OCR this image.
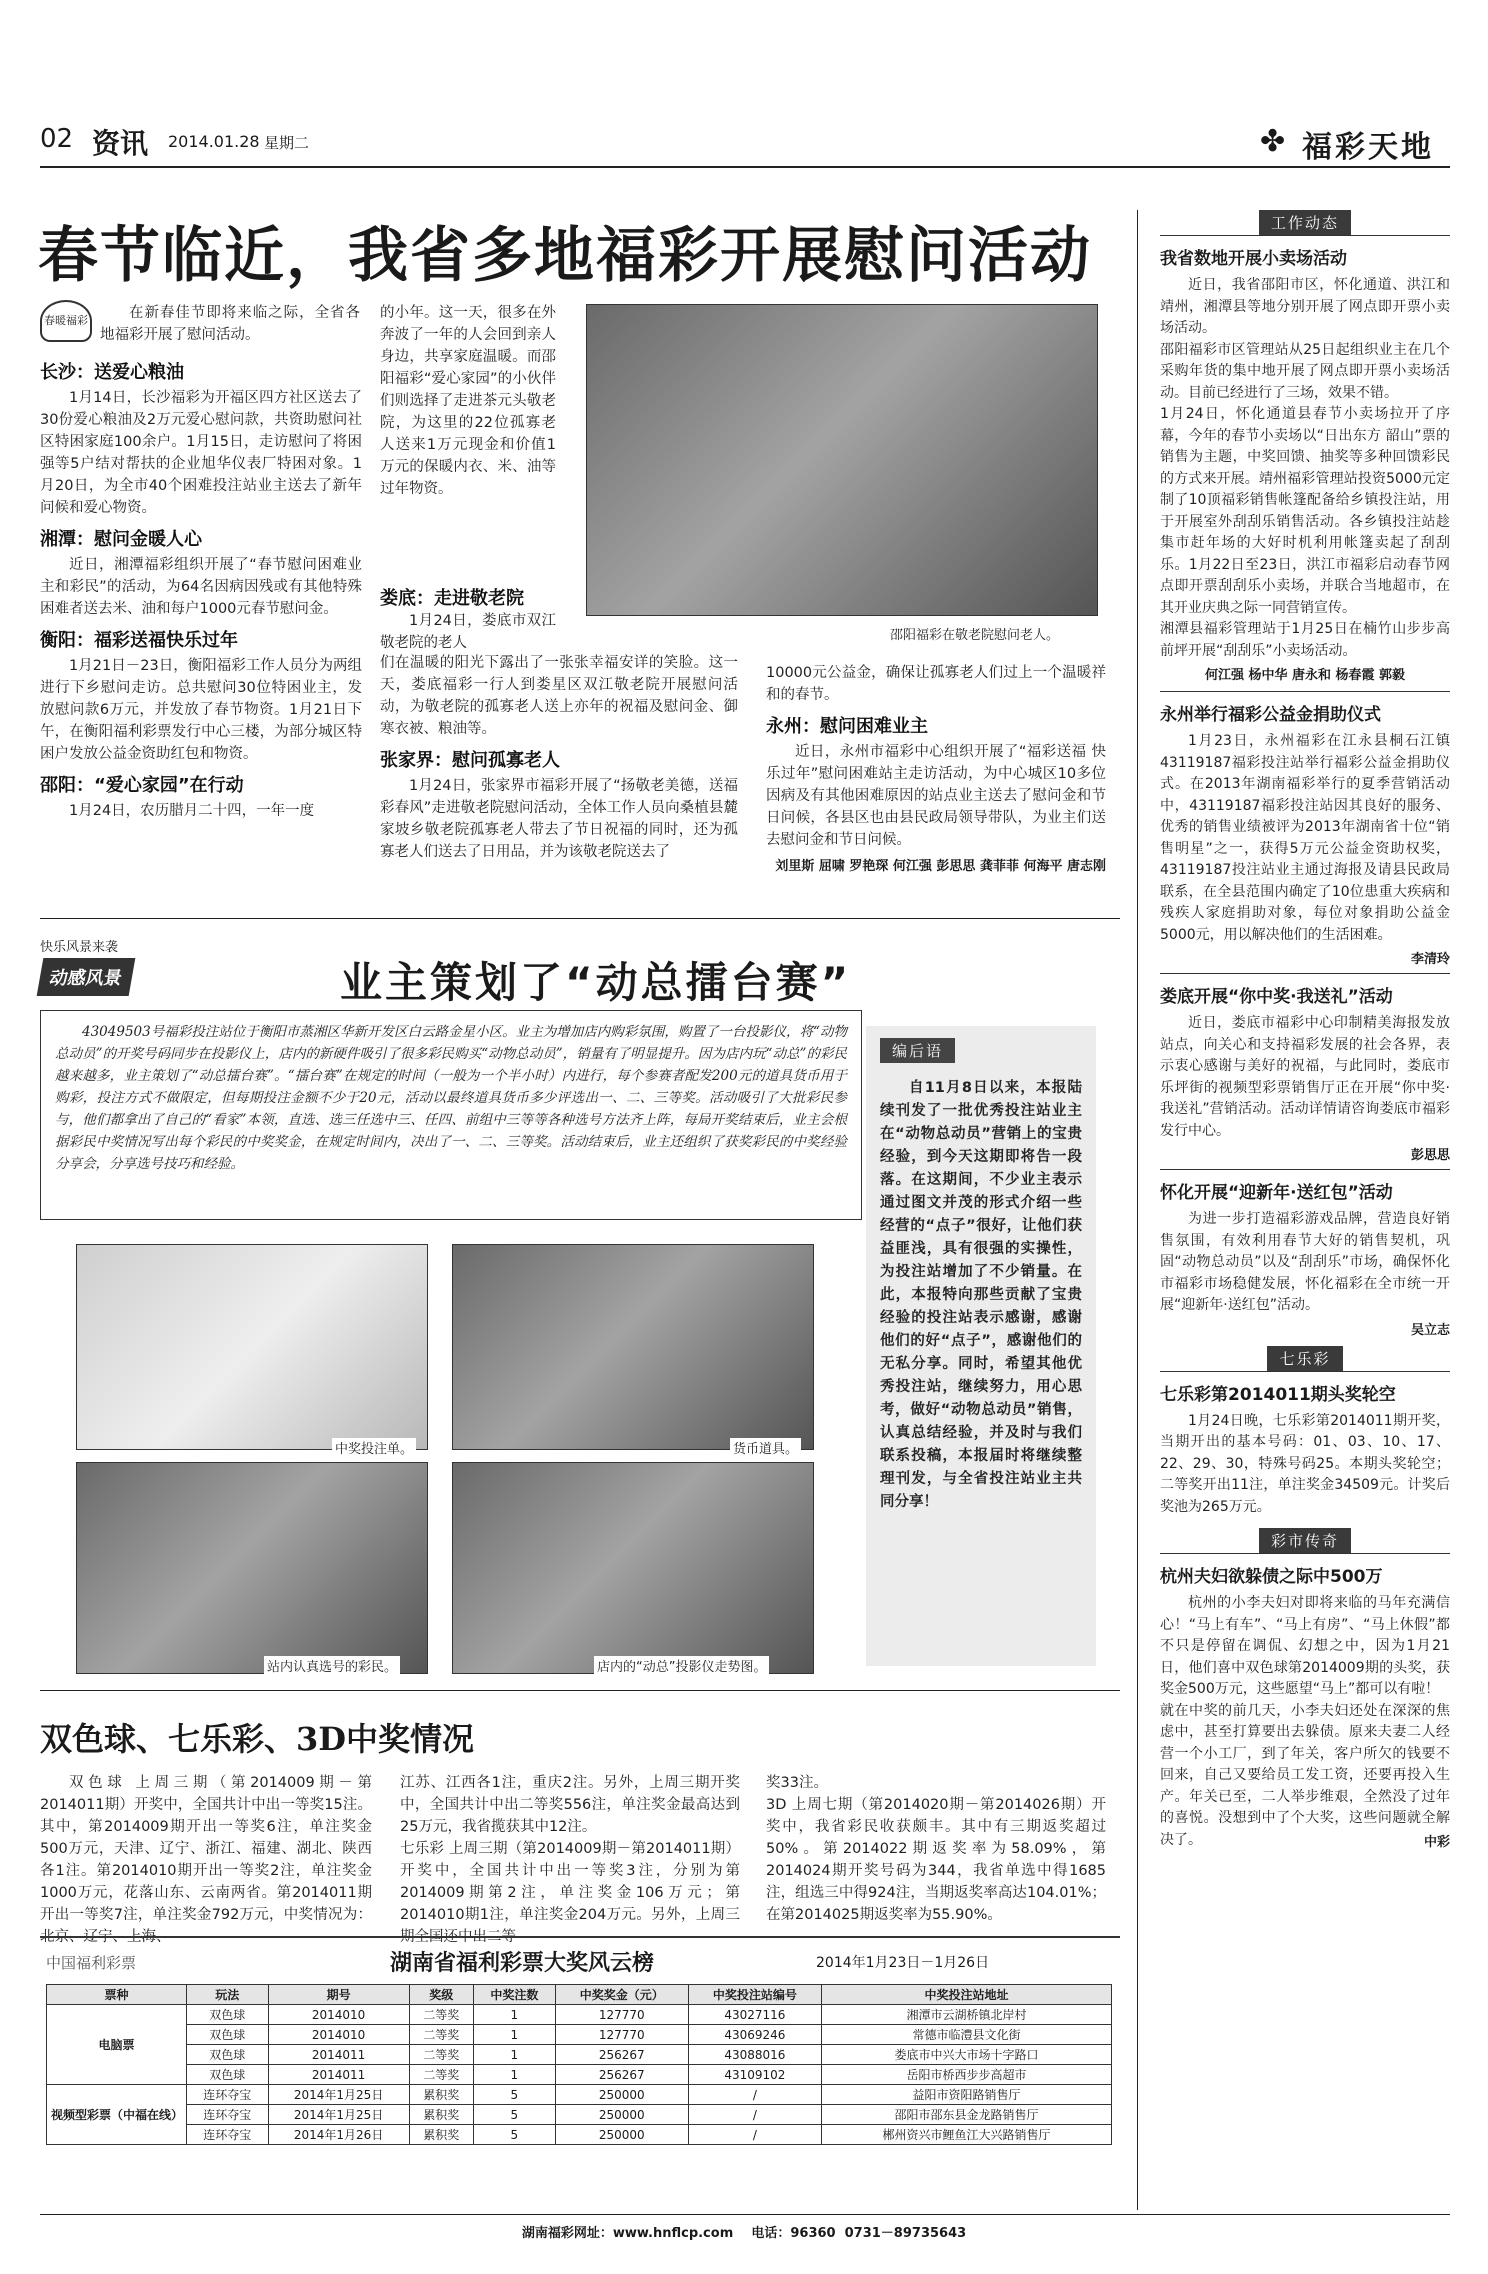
02 资讯 2014.01.28 星期二	✤ 福彩天地
春节临近，我省多地福彩开展慰问活动
春暖福彩	在新春佳节即将来临之际，全省各地福彩开展了慰问活动。
长沙：送爱心粮油
1月14日，长沙福彩为开福区四方社区送去了30份爱心粮油及2万元爱心慰问款，共资助慰问社区特困家庭100余户。1月15日，走访慰问了将困强等5户结对帮扶的企业旭华仪表厂特困对象。1月20日，为全市40个困难投注站业主送去了新年问候和爱心物资。
湘潭：慰问金暖人心
近日，湘潭福彩组织开展了“春节慰问困难业主和彩民”的活动，为64名因病因残或有其他特殊困难者送去米、油和每户1000元春节慰问金。
衡阳：福彩送福快乐过年
1月21日－23日，衡阳福彩工作人员分为两组进行下乡慰问走访。总共慰问30位特困业主，发放慰问款6万元，并发放了春节物资。1月21日下午，在衡阳福利彩票发行中心三楼，为部分城区特困户发放公益金资助红包和物资。
邵阳：“爱心家园”在行动
1月24日，农历腊月二十四，一年一度
的小年。这一天，很多在外奔波了一年的人会回到亲人身边，共享家庭温暖。而邵阳福彩“爱心家园”的小伙伴们则选择了走进茶元头敬老院，为这里的22位孤寡老人送来1万元现金和价值1万元的保暖内衣、米、油等过年物资。
娄底：走进敬老院
1月24日，娄底市双江敬老院的老人	邵阳福彩在敬老院慰问老人。
们在温暖的阳光下露出了一张张幸福安详的笑脸。这一天，娄底福彩一行人到娄星区双江敬老院开展慰问活动，为敬老院的孤寡老人送上亦年的祝福及慰问金、御寒衣被、粮油等。
张家界：慰问孤寡老人
1月24日，张家界市福彩开展了“扬敬老美德，送福彩春风”走进敬老院慰问活动，全体工作人员向桑植县麓家坡乡敬老院孤寡老人带去了节日祝福的同时，还为孤寡老人们送去了日用品，并为该敬老院送去了
10000元公益金，确保让孤寡老人们过上一个温暖祥和的春节。
永州：慰问困难业主
近日，永州市福彩中心组织开展了“福彩送福 快乐过年”慰问困难站主走访活动，为中心城区10多位因病及有其他困难原因的站点业主送去了慰问金和节日问候，各县区也由县民政局领导带队，为业主们送去慰问金和节日问候。
刘里斯 屈啸 罗艳琛 何江强 彭思思 龚菲菲 何海平 唐志刚
快乐风景来袭
动感风景	业主策划了“动总擂台赛”
43049503号福彩投注站位于衡阳市蒸湘区华新开发区白云路金星小区。业主为增加店内购彩氛围，购置了一台投影仪，将“动物总动员”的开奖号码同步在投影仪上，店内的新硬件吸引了很多彩民购买“动物总动员”，销量有了明显提升。因为店内玩“动总”的彩民越来越多，业主策划了“动总擂台赛”。“擂台赛”在规定的时间（一般为一个半小时）内进行，每个参赛者配发200元的道具货币用于购彩，投注方式不做限定，但每期投注金额不少于20元，活动以最终道具货币多少评选出一、二、三等奖。活动吸引了大批彩民参与，他们都拿出了自己的“看家”本领，直选、选三任选中三、任四、前组中三等等各种选号方法齐上阵，每局开奖结束后，业主会根据彩民中奖情况写出每个彩民的中奖奖金，在规定时间内，决出了一、二、三等奖。活动结束后，业主还组织了获奖彩民的中奖经验分享会，分享选号技巧和经验。
中奖投注单。	货币道具。
站内认真选号的彩民。	店内的“动总”投影仪走势图。
编后语
自11月8日以来，本报陆续刊发了一批优秀投注站业主在“动物总动员”营销上的宝贵经验，到今天这期即将告一段落。在这期间，不少业主表示通过图文并茂的形式介绍一些经营的“点子”很好，让他们获益匪浅，具有很强的实操性，为投注站增加了不少销量。在此，本报特向那些贡献了宝贵经验的投注站表示感谢，感谢他们的好“点子”，感谢他们的无私分享。同时，希望其他优秀投注站，继续努力，用心思考，做好“动物总动员”销售，认真总结经验，并及时与我们联系投稿，本报届时将继续整理刊发，与全省投注站业主共同分享！
双色球、七乐彩、3D中奖情况
双色球 上周三期（第2014009期－第2014011期）开奖中，全国共计中出一等奖15注。其中，第2014009期开出一等奖6注，单注奖金500万元，天津、辽宁、浙江、福建、湖北、陕西各1注。第2014010期开出一等奖2注，单注奖金1000万元，花落山东、云南两省。第2014011期开出一等奖7注，单注奖金792万元，中奖情况为：北京、辽宁、上海、
江苏、江西各1注，重庆2注。另外，上周三期开奖中，全国共计中出二等奖556注，单注奖金最高达到25万元，我省揽获其中12注。
七乐彩 上周三期（第2014009期－第2014011期）开奖中，全国共计中出一等奖3注，分别为第2014009期第2注，单注奖金106万元；第2014010期1注，单注奖金204万元。另外，上周三期全国还中出二等
奖33注。
3D 上周七期（第2014020期－第2014026期）开奖中，我省彩民收获颇丰。其中有三期返奖超过50%。第2014022期返奖率为58.09%，第2014024期开奖号码为344，我省单选中得1685注，组选三中得924注，当期返奖率高达104.01%；在第2014025期返奖率为55.90%。
中国福利彩票	湖南省福利彩票大奖风云榜	2014年1月23日－1月26日
票种	玩法	期号	奖级	中奖注数	中奖奖金（元）	中奖投注站编号	中奖投注站地址
电脑票	双色球	2014010	二等奖	1	127770	43027116	湘潭市云湖桥镇北岸村
	双色球	2014010	二等奖	1	127770	43069246	常德市临澧县文化街
	双色球	2014011	二等奖	1	256267	43088016	娄底市中兴大市场十字路口
	双色球	2014011	二等奖	1	256267	43109102	岳阳市桥西步步高超市
视频型彩票（中福在线）	连环夺宝	2014年1月25日	累积奖	5	250000	/	益阳市资阳路销售厅
	连环夺宝	2014年1月25日	累积奖	5	250000	/	邵阳市邵东县金龙路销售厅
	连环夺宝	2014年1月26日	累积奖	5	250000	/	郴州资兴市鲤鱼江大兴路销售厅
湖南福彩网址：www.hnflcp.com    电话：96360  0731－89735643
工作动态
我省数地开展小卖场活动
近日，我省邵阳市区，怀化通道、洪江和靖州，湘潭县等地分别开展了网点即开票小卖场活动。
邵阳福彩市区管理站从25日起组织业主在几个采购年货的集中地开展了网点即开票小卖场活动。目前已经进行了三场，效果不错。
1月24日，怀化通道县春节小卖场拉开了序幕，今年的春节小卖场以“日出东方 韶山”票的销售为主题，中奖回馈、抽奖等多种回馈彩民的方式来开展。靖州福彩管理站投资5000元定制了10顶福彩销售帐篷配备给乡镇投注站，用于开展室外刮刮乐销售活动。各乡镇投注站趁集市赶年场的大好时机利用帐篷卖起了刮刮乐。1月22日至23日，洪江市福彩启动春节网点即开票刮刮乐小卖场，并联合当地超市，在其开业庆典之际一同营销宣传。
湘潭县福彩管理站于1月25日在楠竹山步步高前坪开展“刮刮乐”小卖场活动。
何江强 杨中华 唐永和 杨春霞 郭毅
永州举行福彩公益金捐助仪式
1月23日，永州福彩在江永县桐石江镇43119187福彩投注站举行福彩公益金捐助仪式。在2013年湖南福彩举行的夏季营销活动中，43119187福彩投注站因其良好的服务、优秀的销售业绩被评为2013年湖南省十位“销售明星”之一，获得5万元公益金资助权奖，43119187投注站业主通过海报及请县民政局联系，在全县范围内确定了10位患重大疾病和残疾人家庭捐助对象，每位对象捐助公益金5000元，用以解决他们的生活困难。
李清玲
娄底开展“你中奖·我送礼”活动
近日，娄底市福彩中心印制精美海报发放站点，向关心和支持福彩发展的社会各界，表示衷心感谢与美好的祝福，与此同时，娄底市乐坪街的视频型彩票销售厅正在开展“你中奖·我送礼”营销活动。活动详情请咨询娄底市福彩发行中心。
彭思思
怀化开展“迎新年·送红包”活动
为进一步打造福彩游戏品牌，营造良好销售氛围，有效利用春节大好的销售契机，巩固“动物总动员”以及“刮刮乐”市场，确保怀化市福彩市场稳健发展，怀化福彩在全市统一开展“迎新年·送红包”活动。
吴立志
七乐彩
七乐彩第2014011期头奖轮空
1月24日晚，七乐彩第2014011期开奖，当期开出的基本号码：01、03、10、17、22、29、30，特殊号码25。本期头奖轮空；二等奖开出11注，单注奖金34509元。计奖后奖池为265万元。
彩市传奇
杭州夫妇欲躲债之际中500万
杭州的小李夫妇对即将来临的马年充满信心！“马上有车”、“马上有房”、“马上休假”都不只是停留在调侃、幻想之中，因为1月21日，他们喜中双色球第2014009期的头奖，获奖金500万元，这些愿望“马上”都可以有啦！
就在中奖的前几天，小李夫妇还处在深深的焦虑中，甚至打算要出去躲债。原来夫妻二人经营一个小工厂，到了年关，客户所欠的钱要不回来，自己又要给员工发工资，还要再投入生产。年关已至，二人举步维艰，全然没了过年的喜悦。没想到中了个大奖，这些问题就全解决了。	中彩
